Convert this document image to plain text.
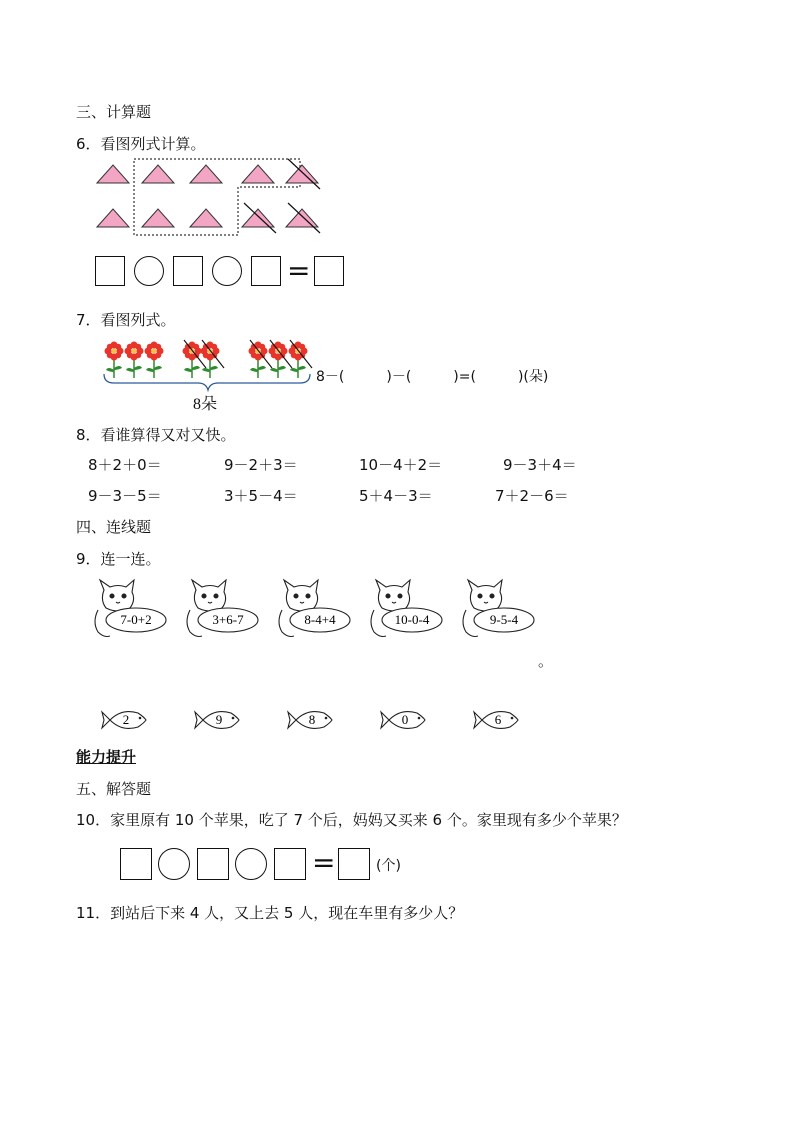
三、计算题
6．看图列式计算。
=
7．看图列式。
8朵
8－(　　　)－(　　　)=(　　　)(朵)
8．看谁算得又对又快。
8＋2＋0＝	9－2＋3＝	10－4＋2＝	9－3＋4＝
9－3－5＝	3＋5－4＝	5＋4－3＝	7＋2－6＝
四、连线题
9．连一连。
7-0+2	3+6-7	8-4+4	10-0-4	9-5-4
。
2	9	8	0	6
能力提升
五、解答题
10．家里原有 10 个苹果，吃了 7 个后，妈妈又买来 6 个。家里现有多少个苹果？
=	(个)
11．到站后下来 4 人，又上去 5 人，现在车里有多少人？
